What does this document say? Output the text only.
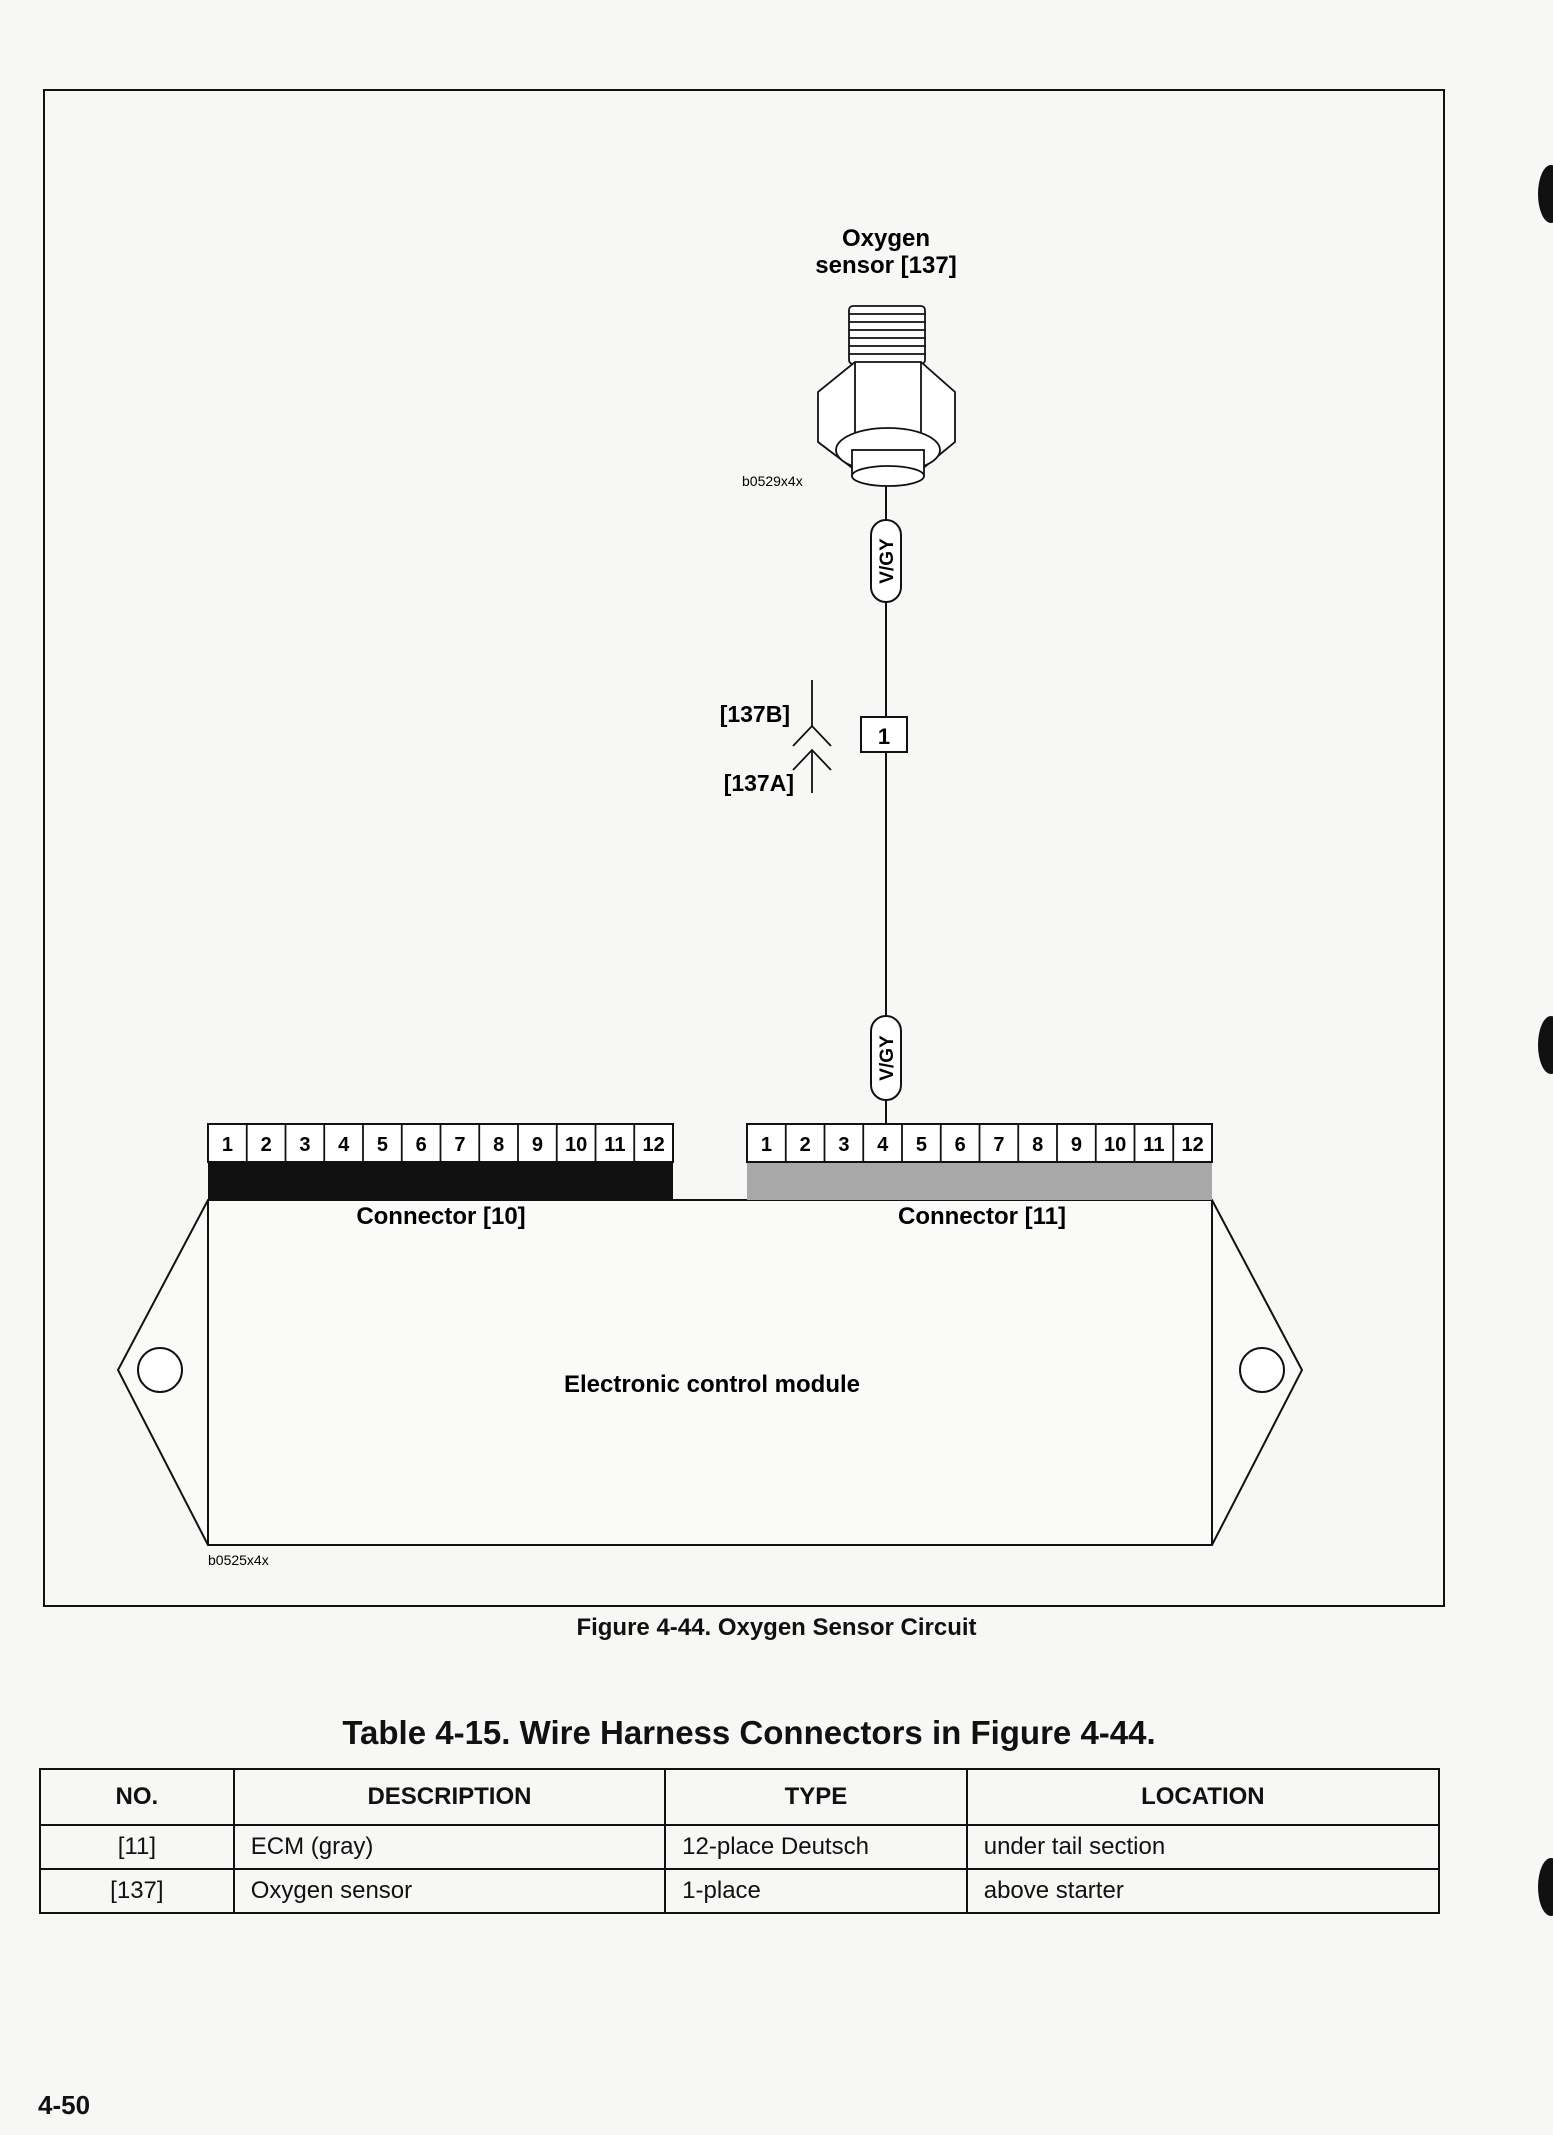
Oxygen
sensor [137]
b0529x4x
V/GY
[137B]
[137A]
1
V/GY
1 2 3 4 5 6 7 8 9 10 11 12
Connector [10]
1 2 3 4 5 6 7 8 9 10 11 12
Connector [11]
Electronic control module
b0525x4x
Figure 4-44. Oxygen Sensor Circuit
Table 4-15. Wire Harness Connectors in Figure 4-44.
NO.	DESCRIPTION	TYPE	LOCATION
[11]	ECM (gray)	12-place Deutsch	under tail section
[137]	Oxygen sensor	1-place	above starter
4-50
